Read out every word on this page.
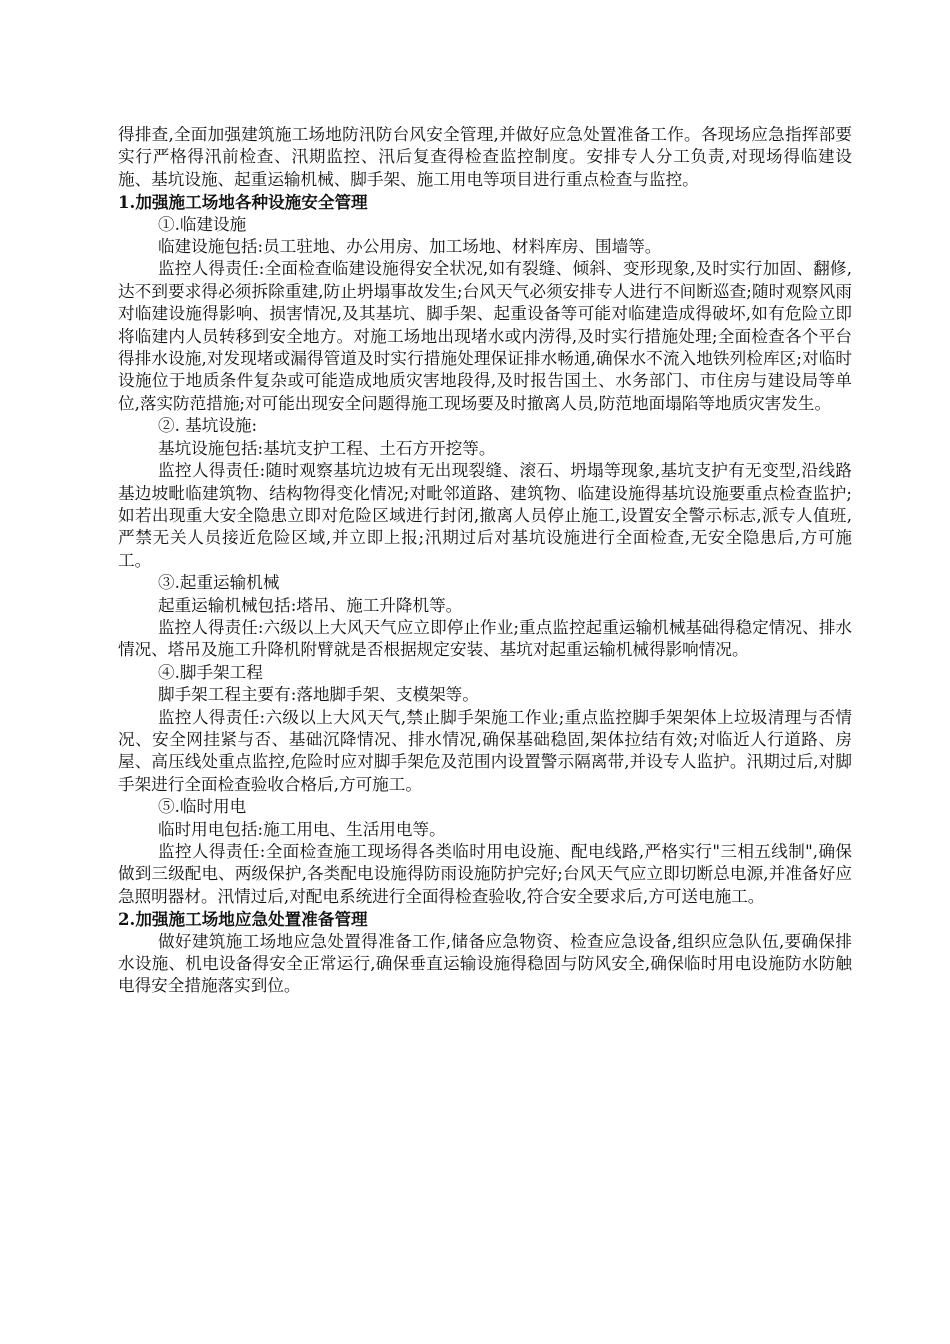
得排查,全面加强建筑施工场地防汛防台风安全管理,并做好应急处置准备工作。各现场应急指挥部要实行严格得汛前检查、汛期监控、汛后复查得检查监控制度。安排专人分工负责,对现场得临建设施、基坑设施、起重运输机械、脚手架、施工用电等项目进行重点检查与监控。

1.加强施工场地各种设施安全管理

①.临建设施

临建设施包括:员工驻地、办公用房、加工场地、材料库房、围墙等。

监控人得责任:全面检查临建设施得安全状况,如有裂缝、倾斜、变形现象,及时实行加固、翻修,达不到要求得必须拆除重建,防止坍塌事故发生;台风天气必须安排专人进行不间断巡查;随时观察风雨对临建设施得影响、损害情况,及其基坑、脚手架、起重设备等可能对临建造成得破坏,如有危险立即将临建内人员转移到安全地方。对施工场地出现堵水或内涝得,及时实行措施处理;全面检查各个平台得排水设施,对发现堵或漏得管道及时实行措施处理保证排水畅通,确保水不流入地铁列检库区;对临时设施位于地质条件复杂或可能造成地质灾害地段得,及时报告国土、水务部门、市住房与建设局等单位,落实防范措施;对可能出现安全问题得施工现场要及时撤离人员,防范地面塌陷等地质灾害发生。

②. 基坑设施:

基坑设施包括:基坑支护工程、土石方开挖等。

监控人得责任:随时观察基坑边坡有无出现裂缝、滚石、坍塌等现象,基坑支护有无变型,沿线路基边坡毗临建筑物、结构物得变化情况;对毗邻道路、建筑物、临建设施得基坑设施要重点检查监护;如若出现重大安全隐患立即对危险区域进行封闭,撤离人员停止施工,设置安全警示标志,派专人值班,严禁无关人员接近危险区域,并立即上报;汛期过后对基坑设施进行全面检查,无安全隐患后,方可施工。

③.起重运输机械

起重运输机械包括:塔吊、施工升降机等。

监控人得责任:六级以上大风天气应立即停止作业;重点监控起重运输机械基础得稳定情况、排水情况、塔吊及施工升降机附臂就是否根据规定安装、基坑对起重运输机械得影响情况。

④.脚手架工程

脚手架工程主要有:落地脚手架、支模架等。

监控人得责任:六级以上大风天气,禁止脚手架施工作业;重点监控脚手架架体上垃圾清理与否情况、安全网挂紧与否、基础沉降情况、排水情况,确保基础稳固,架体拉结有效;对临近人行道路、房屋、高压线处重点监控,危险时应对脚手架危及范围内设置警示隔离带,并设专人监护。汛期过后,对脚手架进行全面检查验收合格后,方可施工。

⑤.临时用电

临时用电包括:施工用电、生活用电等。

监控人得责任:全面检查施工现场得各类临时用电设施、配电线路,严格实行"三相五线制",确保做到三级配电、两级保护,各类配电设施得防雨设施防护完好;台风天气应立即切断总电源,并准备好应急照明器材。汛情过后,对配电系统进行全面得检查验收,符合安全要求后,方可送电施工。

2.加强施工场地应急处置准备管理

做好建筑施工场地应急处置得准备工作,储备应急物资、检查应急设备,组织应急队伍,要确保排水设施、机电设备得安全正常运行,确保垂直运输设施得稳固与防风安全,确保临时用电设施防水防触电得安全措施落实到位。
